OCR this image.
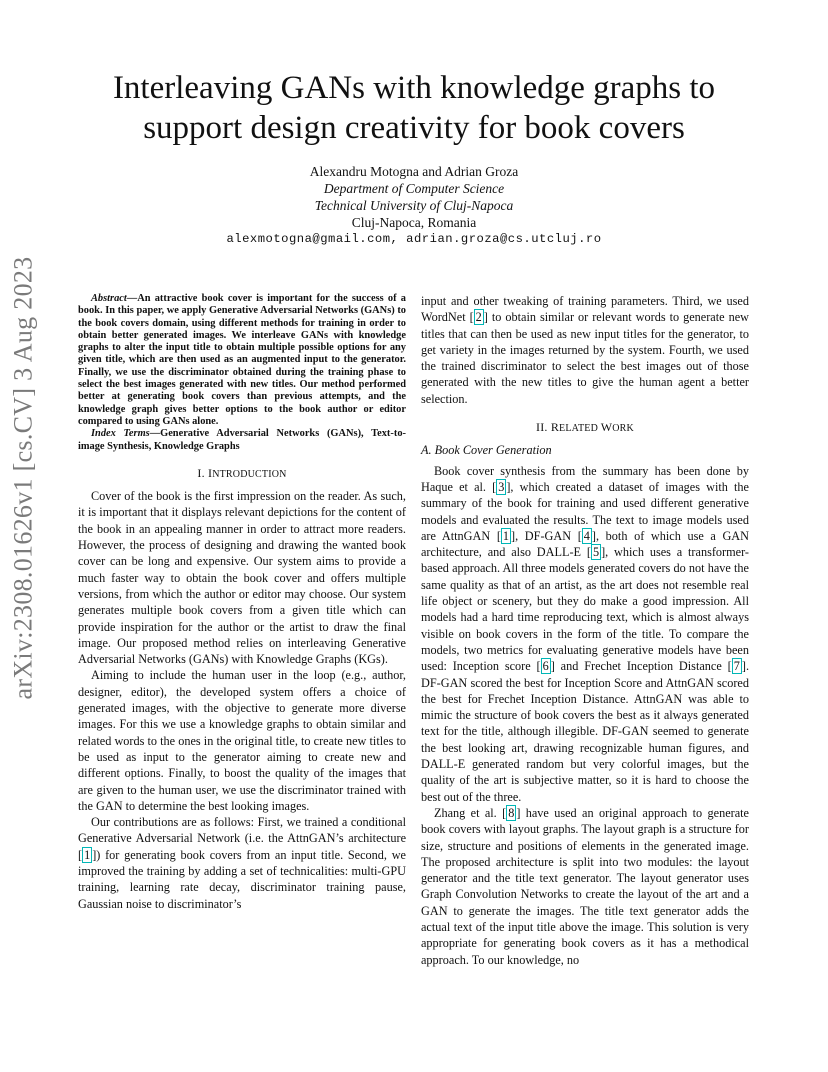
arXiv:2308.01626v1 [cs.CV] 3 Aug 2023
Interleaving GANs with knowledge graphs to
support design creativity for book covers
Alexandru Motogna and Adrian Groza
Department of Computer Science
Technical University of Cluj-Napoca
Cluj-Napoca, Romania
alexmotogna@gmail.com, adrian.groza@cs.utcluj.ro

Abstract—An attractive book cover is important for the success of a book. In this paper, we apply Generative Adversarial Networks (GANs) to the book covers domain, using different methods for training in order to obtain better generated images. We interleave GANs with knowledge graphs to alter the input title to obtain multiple possible options for any given title, which are then used as an augmented input to the generator. Finally, we use the discriminator obtained during the training phase to select the best images generated with new titles. Our method performed better at generating book covers than previous attempts, and the knowledge graph gives better options to the book author or editor compared to using GANs alone.

Index Terms—Generative Adversarial Networks (GANs), Text-to-image Synthesis, Knowledge Graphs

I. INTRODUCTION

Cover of the book is the first impression on the reader. As such, it is important that it displays relevant depictions for the content of the book in an appealing manner in order to attract more readers. However, the process of designing and drawing the wanted book cover can be long and expensive. Our system aims to provide a much faster way to obtain the book cover and offers multiple versions, from which the author or editor may choose. Our system generates multiple book covers from a given title which can provide inspiration for the author or the artist to draw the final image. Our proposed method relies on interleaving Generative Adversarial Networks (GANs) with Knowledge Graphs (KGs).

Aiming to include the human user in the loop (e.g., author, designer, editor), the developed system offers a choice of generated images, with the objective to generate more diverse images. For this we use a knowledge graphs to obtain similar and related words to the ones in the original title, to create new titles to be used as input to the generator aiming to create new and different options. Finally, to boost the quality of the images that are given to the human user, we use the discriminator trained with the GAN to determine the best looking images.

Our contributions are as follows: First, we trained a conditional Generative Adversarial Network (i.e. the AttnGAN’s architecture [ 1 ]) for generating book covers from an input title. Second, we improved the training by adding a set of technicalities: multi-GPU training, learning rate decay, discriminator training pause, Gaussian noise to discriminator’s

input and other tweaking of training parameters. Third, we used WordNet [ 2 ] to obtain similar or relevant words to generate new titles that can then be used as new input titles for the generator, to get variety in the images returned by the system. Fourth, we used the trained discriminator to select the best images out of those generated with the new titles to give the human agent a better selection.

II. RELATED WORK
A. Book Cover Generation

Book cover synthesis from the summary has been done by Haque et al. [ 3 ], which created a dataset of images with the summary of the book for training and used different generative models and evaluated the results. The text to image models used are AttnGAN [ 1 ], DF-GAN [ 4 ], both of which use a GAN architecture, and also DALL-E [ 5 ], which uses a transformer-based approach. All three models generated covers do not have the same quality as that of an artist, as the art does not resemble real life object or scenery, but they do make a good impression. All models had a hard time reproducing text, which is almost always visible on book covers in the form of the title. To compare the models, two metrics for evaluating generative models have been used: Inception score [ 6 ] and Frechet Inception Distance [ 7 ]. DF-GAN scored the best for Inception Score and AttnGAN scored the best for Frechet Inception Distance. AttnGAN was able to mimic the structure of book covers the best as it always generated text for the title, although illegible. DF-GAN seemed to generate the best looking art, drawing recognizable human figures, and DALL-E generated random but very colorful images, but the quality of the art is subjective matter, so it is hard to choose the best out of the three.

Zhang et al. [ 8 ] have used an original approach to generate book covers with layout graphs. The layout graph is a structure for size, structure and positions of elements in the generated image. The proposed architecture is split into two modules: the layout generator and the title text generator. The layout generator uses Graph Convolution Networks to create the layout of the art and a GAN to generate the images. The title text generator adds the actual text of the input title above the image. This solution is very appropriate for generating book covers as it has a methodical approach. To our knowledge, no
